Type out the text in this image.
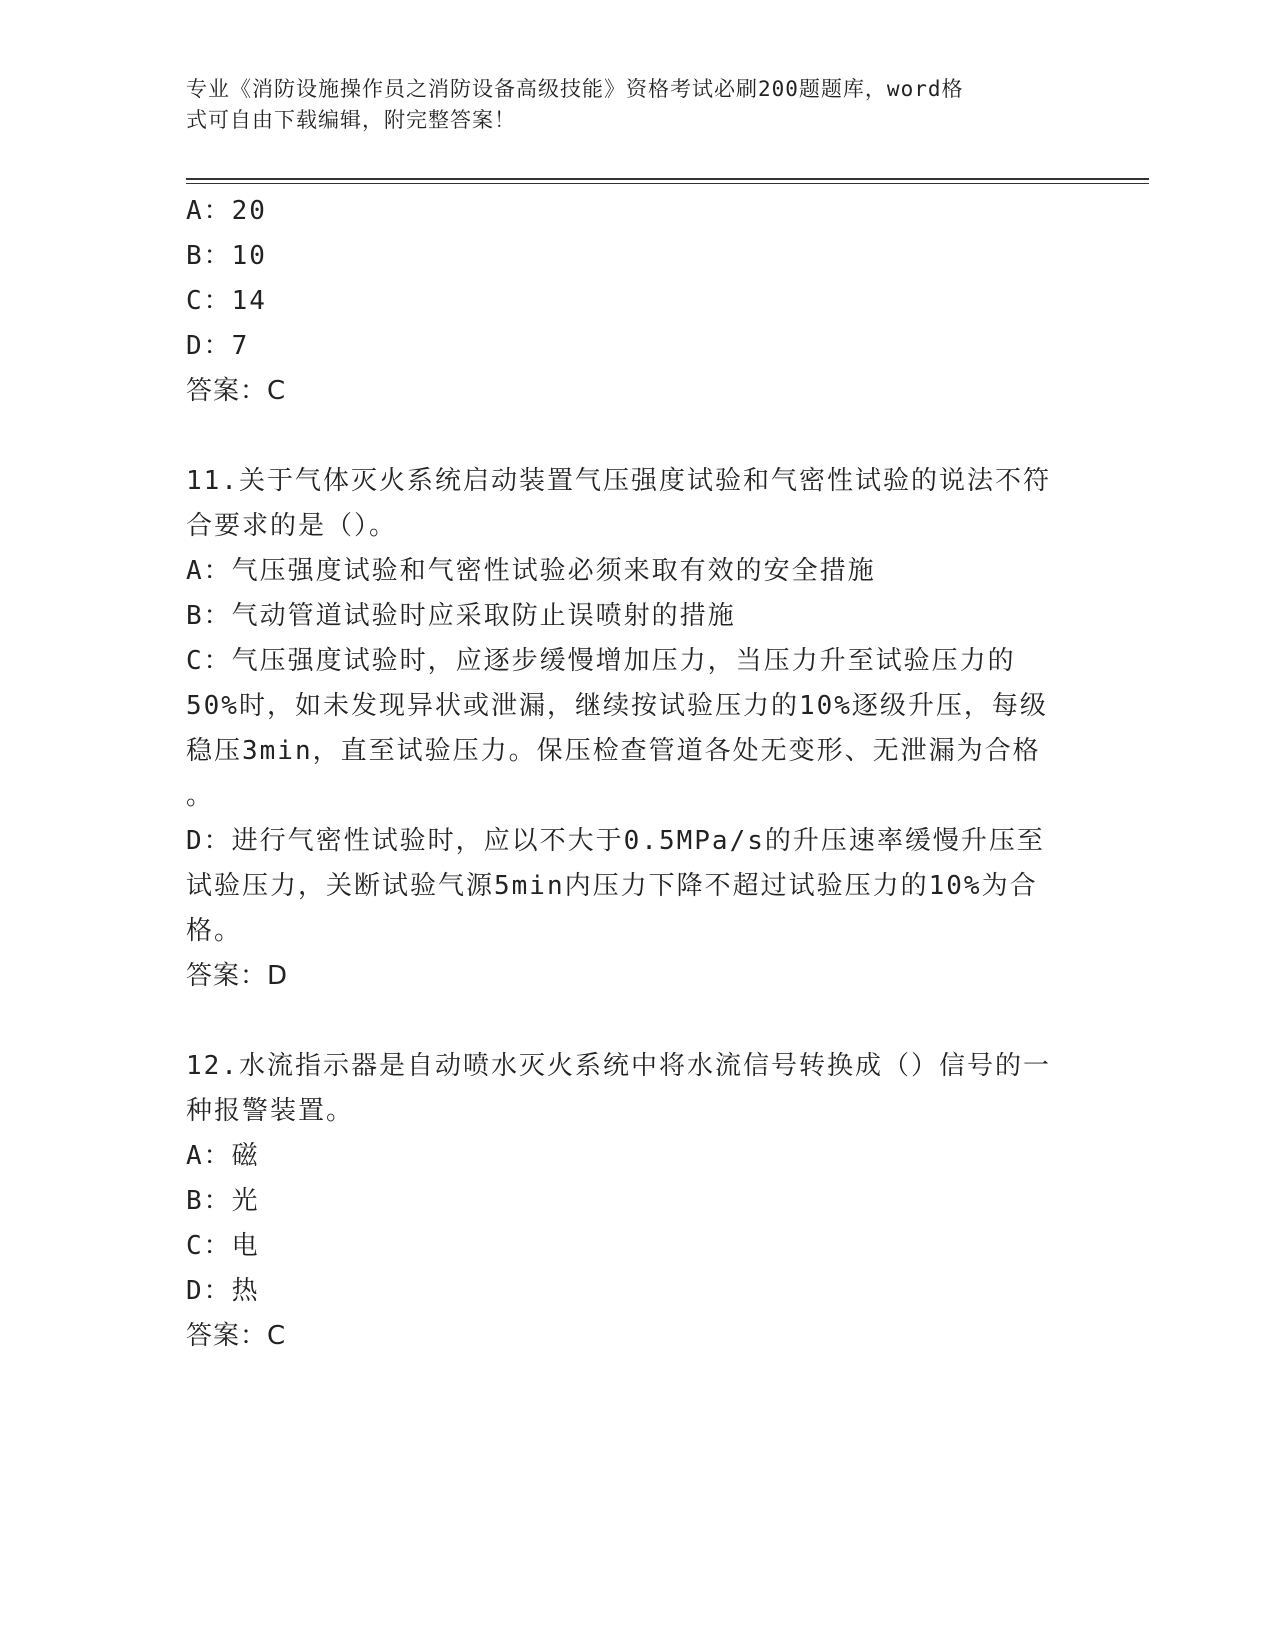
专业《消防设施操作员之消防设备高级技能》资格考试必刷200题题库，word格
式可自由下载编辑，附完整答案！
A：20
B：10
C：14
D：7
答案：C
11.关于气体灭火系统启动装置气压强度试验和气密性试验的说法不符
合要求的是（）。
A：气压强度试验和气密性试验必须来取有效的安全措施
B：气动管道试验时应采取防止误喷射的措施
C：气压强度试验时，应逐步缓慢增加压力，当压力升至试验压力的
50%时，如未发现异状或泄漏，继续按试验压力的10%逐级升压，每级
稳压3min，直至试验压力。保压检查管道各处无变形、无泄漏为合格
。
D：进行气密性试验时，应以不大于0.5MPa/s的升压速率缓慢升压至
试验压力，关断试验气源5min内压力下降不超过试验压力的10%为合
格。
答案：D
12.水流指示器是自动喷水灭火系统中将水流信号转换成（）信号的一
种报警装置。
A：磁
B：光
C：电
D：热
答案：C
